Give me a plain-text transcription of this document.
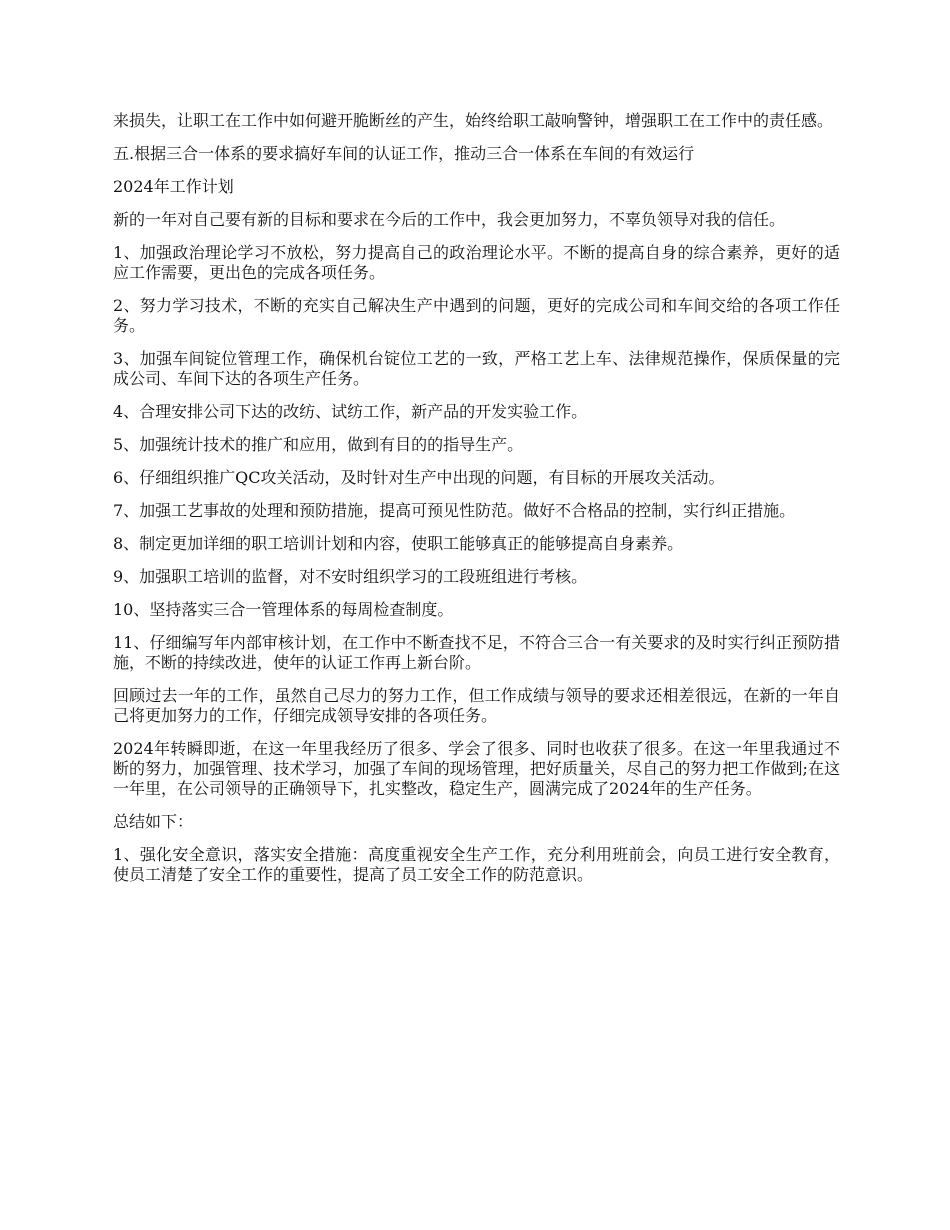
来损失，让职工在工作中如何避开脆断丝的产生，始终给职工敲响警钟，增强职工在工作中的责任感。

五.根据三合一体系的要求搞好车间的认证工作，推动三合一体系在车间的有效运行

2024年工作计划

新的一年对自己要有新的目标和要求在今后的工作中，我会更加努力，不辜负领导对我的信任。

1、加强政治理论学习不放松，努力提高自己的政治理论水平。不断的提高自身的综合素养，更好的适应工作需要，更出色的完成各项任务。

2、努力学习技术，不断的充实自己解决生产中遇到的问题，更好的完成公司和车间交给的各项工作任务。

3、加强车间锭位管理工作，确保机台锭位工艺的一致，严格工艺上车、法律规范操作，保质保量的完成公司、车间下达的各项生产任务。

4、合理安排公司下达的改纺、试纺工作，新产品的开发实验工作。

5、加强统计技术的推广和应用，做到有目的的指导生产。

6、仔细组织推广QC攻关活动，及时针对生产中出现的问题，有目标的开展攻关活动。

7、加强工艺事故的处理和预防措施，提高可预见性防范。做好不合格品的控制，实行纠正措施。

8、制定更加详细的职工培训计划和内容，使职工能够真正的能够提高自身素养。

9、加强职工培训的监督，对不安时组织学习的工段班组进行考核。

10、坚持落实三合一管理体系的每周检查制度。

11、仔细编写年内部审核计划，在工作中不断查找不足，不符合三合一有关要求的及时实行纠正预防措施，不断的持续改进，使年的认证工作再上新台阶。

回顾过去一年的工作，虽然自己尽力的努力工作，但工作成绩与领导的要求还相差很远，在新的一年自己将更加努力的工作，仔细完成领导安排的各项任务。

2024年转瞬即逝，在这一年里我经历了很多、学会了很多、同时也收获了很多。在这一年里我通过不断的努力，加强管理、技术学习，加强了车间的现场管理，把好质量关，尽自己的努力把工作做到;在这一年里，在公司领导的正确领导下，扎实整改，稳定生产，圆满完成了2024年的生产任务。

总结如下：

1、强化安全意识，落实安全措施：高度重视安全生产工作，充分利用班前会，向员工进行安全教育，使员工清楚了安全工作的重要性，提高了员工安全工作的防范意识。
